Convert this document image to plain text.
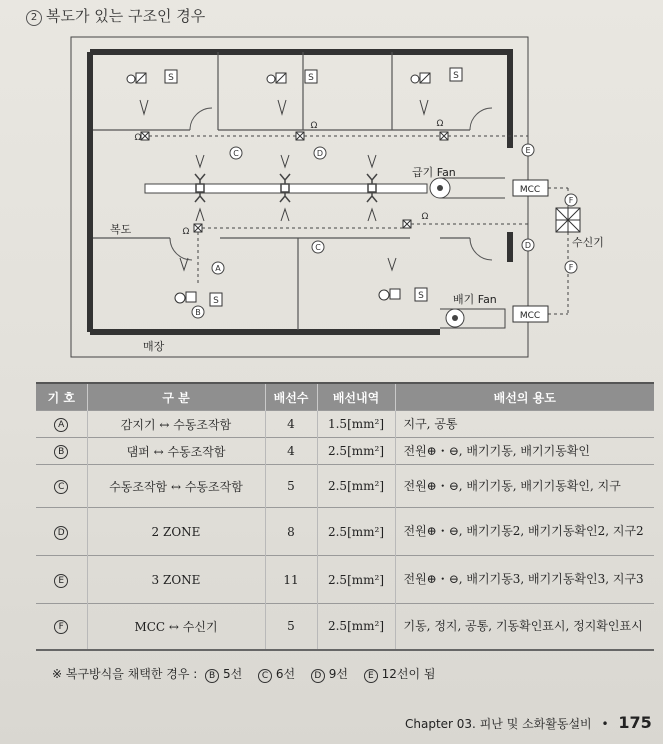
2 복도가 있는 구조인 경우
S	S	S
S	S
Ω
Ω	Ω
Ω
Ω
MCC
MCC
A
B
C
C
D
D
E
F
F
급기 Fan
배기 Fan
복도
매장
수신기
기 호	구 분	배선수	배선내역	배선의 용도
A	감지기 ↔ 수동조작함	4	1.5[mm²]	지구, 공통
B	댐퍼 ↔ 수동조작함	4	2.5[mm²]	전원⊕・⊖, 배기기동, 배기기동확인
C	수동조작함 ↔ 수동조작함	5	2.5[mm²]	전원⊕・⊖, 배기기동, 배기기동확인, 지구
D	2 ZONE	8	2.5[mm²]	전원⊕・⊖, 배기기동2, 배기기동확인2, 지구2
E	3 ZONE	11	2.5[mm²]	전원⊕・⊖, 배기기동3, 배기기동확인3, 지구3
F	MCC ↔ 수신기	5	2.5[mm²]	기동, 정지, 공통, 기동확인표시, 정지확인표시
※ 복구방식을 채택한 경우 : B 5선 C 6선 D 9선 E 12선이 됨
Chapter 03. 피난 및 소화활동설비 • 175
